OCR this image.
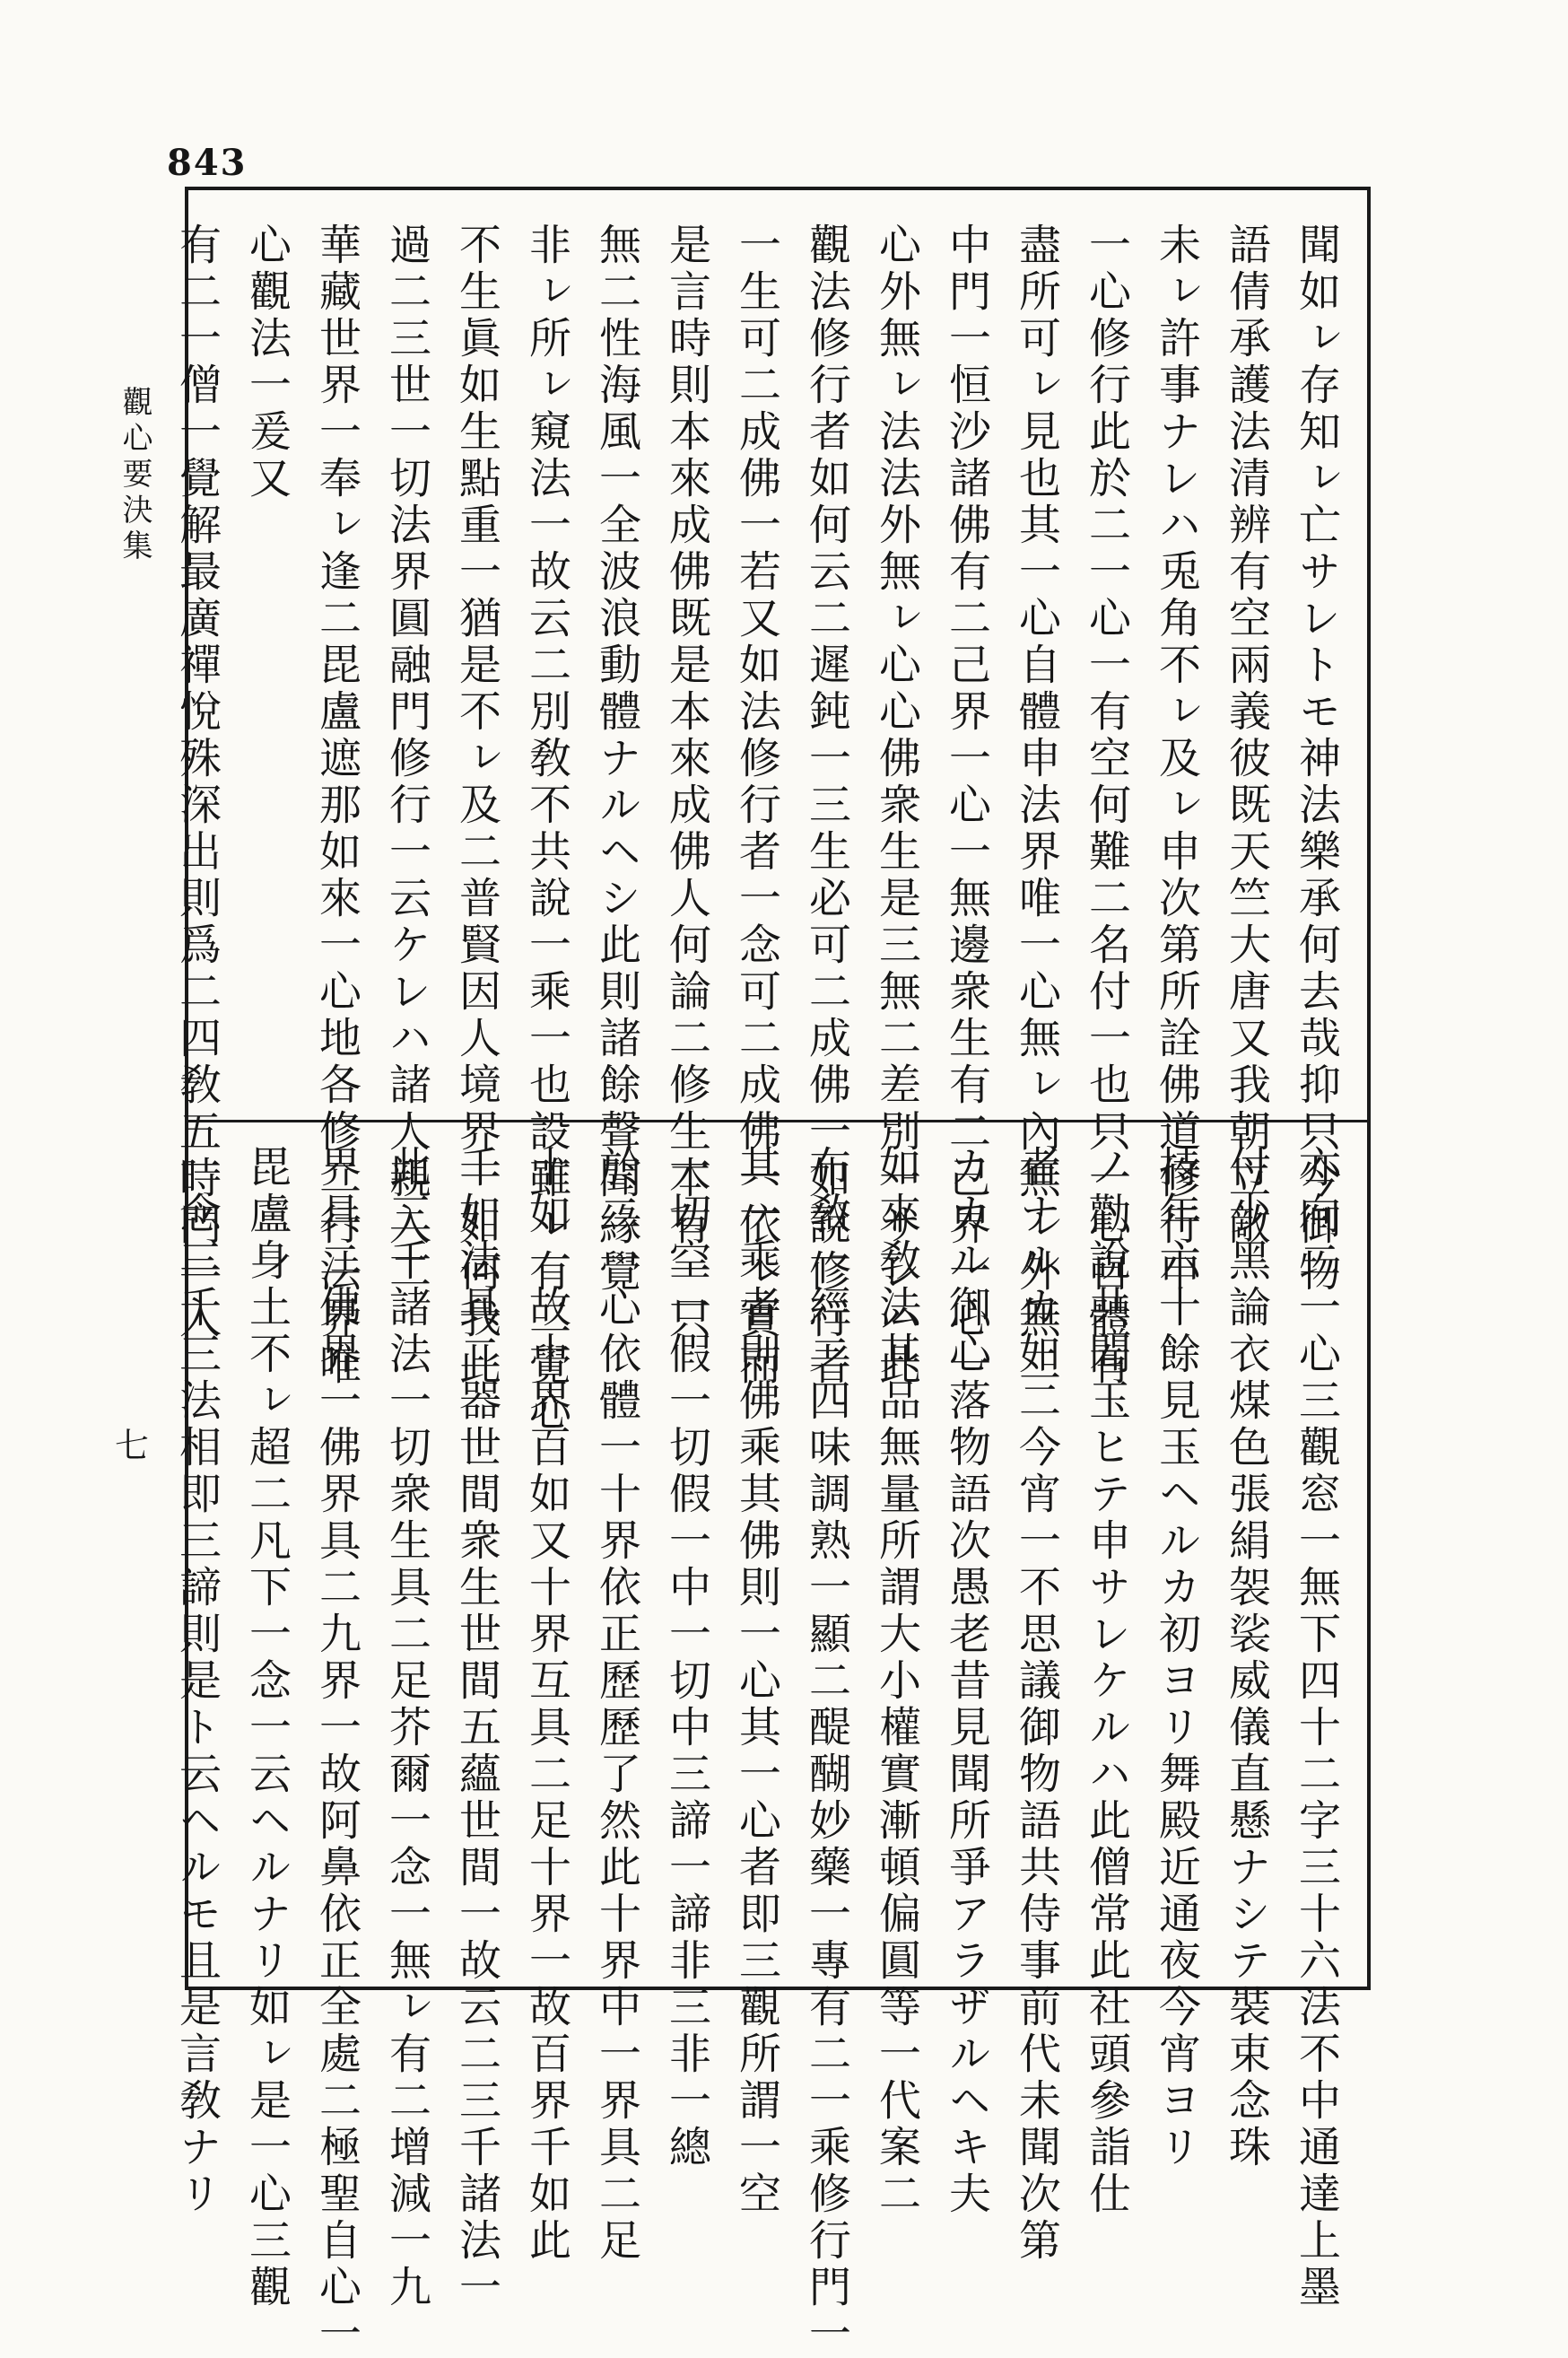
843
觀心要決集
七
聞如ㇾ存知ㇾ亡サレトモ神法樂承何去哉抑只今御物
語倩承護法清辨有空兩義彼既天竺大唐又我朝立敵
未ㇾ許事ナレハ兎角不ㇾ及ㇾ申次第所詮佛道修行申
一心修行此於二一心一有空何難二名付一也只一心自體有
盡所可ㇾ見也其一心自體申法界唯一心無ㇾ內無ㇾ外無二
中門一恒沙諸佛有二己界一心一無邊衆生有二己界一心一
心外無ㇾ法法外無ㇾ心心佛衆生是三無二差別一サレハ此
觀法修行者如何云二遲鈍一三生必可二成佛一如說修行者
一生可二成佛一若又如法修行者一念可二成佛一依ㇾ實而
是言時則本來成佛既是本來成佛人何論二修生本有一只
無二性海風一全波浪動體ナルヘシ此則諸餘聲聞緣覺
非ㇾ所ㇾ窺法一故云二別敎不共說一乘一也設雖ㇾ有二覺心
不生眞如生點重一猶是不ㇾ及二普賢因人境界一如何我此
過二三世一切法界圓融門修行一云ケレハ諸人親入二
華藏世界一奉ㇾ逢二毘盧遮那如來一心地各修二行法界唯
心觀法一爰又
有二一僧一覺解最廣禪悅殊深出則爲二四敎五時門一入
亦向二一心三觀窓一無下四十二字三十六法不中通達上墨
付少黑論衣煤色張絹袈裟威儀直懸ナシテ裝束念珠
持年六十餘見玉ヘルカ初ヨリ舞殿近通夜今宵ヨリ
ノ勸說共聞玉ヒテ申サレケルハ此僧常此社頭參詣仕
者ナルカ如二今宵一不思議御物語共侍事前代未聞次第
カカル御心落物語次愚老昔見聞所爭アラザルヘキ夫
如來敎法其品無量所謂大小權實漸頓偏圓等一代案二
布敎一經二四味調熟一顯二醍醐妙藥一專有二一乘修行門一
其一乘者則佛乘其佛則一心其一心者即三觀所謂一空
一切空一假一切假一中一切中三諦一諦非三非一總
於二一心依體一十界依正歷歷了然此十界中一界具二足
十如一故十界百如又十界互具二足十界一故百界千如此
千如法具二器世間衆生世間五蘊世間一故云二三千諸法一
此三千諸法一切衆生具二足芥爾一念一無ㇾ有二增減一九
界具二佛界一佛界具二九界一故阿鼻依正全處二極聖自心一
毘盧身土不ㇾ超二凡下一念一云ヘルナリ如ㇾ是一心三觀
一念三千三法相即三諦則是ト云ヘルモ且是言敎ナリ
